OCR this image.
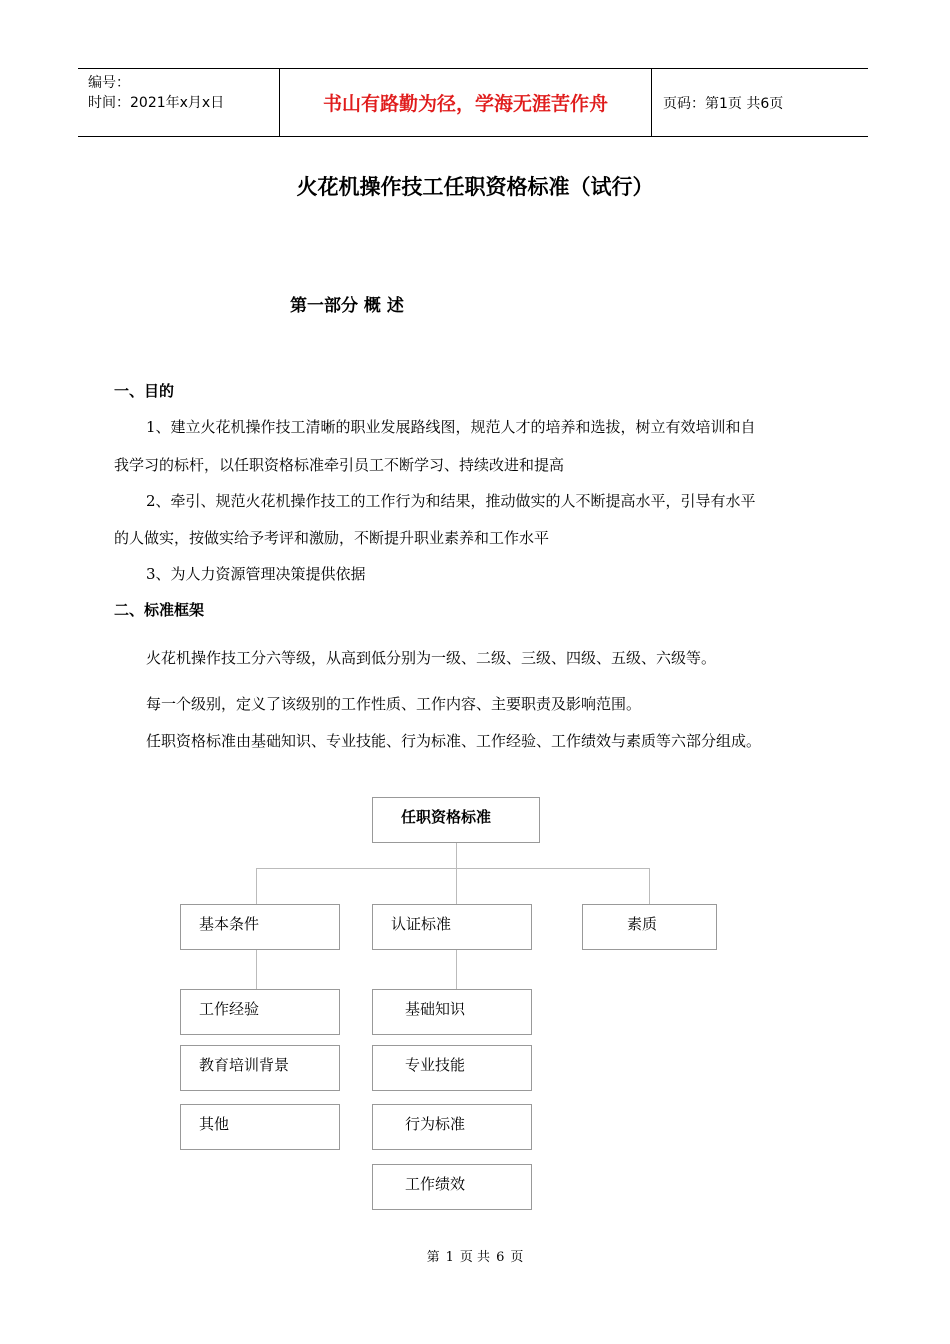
编号：
时间：2021年x月x日	书山有路勤为径，学海无涯苦作舟	页码：第1页 共6页
火花机操作技工任职资格标准（试行）
第一部分 概 述
一、目的
1、建立火花机操作技工清晰的职业发展路线图，规范人才的培养和选拔，树立有效培训和自
我学习的标杆，以任职资格标准牵引员工不断学习、持续改进和提高
2、牵引、规范火花机操作技工的工作行为和结果，推动做实的人不断提高水平，引导有水平
的人做实，按做实给予考评和激励，不断提升职业素养和工作水平
3、为人力资源管理决策提供依据
二、标准框架
火花机操作技工分六等级，从高到低分别为一级、二级、三级、四级、五级、六级等。
每一个级别，定义了该级别的工作性质、工作内容、主要职责及影响范围。
任职资格标准由基础知识、专业技能、行为标准、工作经验、工作绩效与素质等六部分组成。
任职资格标准
基本条件	认证标准	素质
工作经验
教育培训背景
其他
基础知识
专业技能
行为标准
工作绩效
第 1 页 共 6 页
